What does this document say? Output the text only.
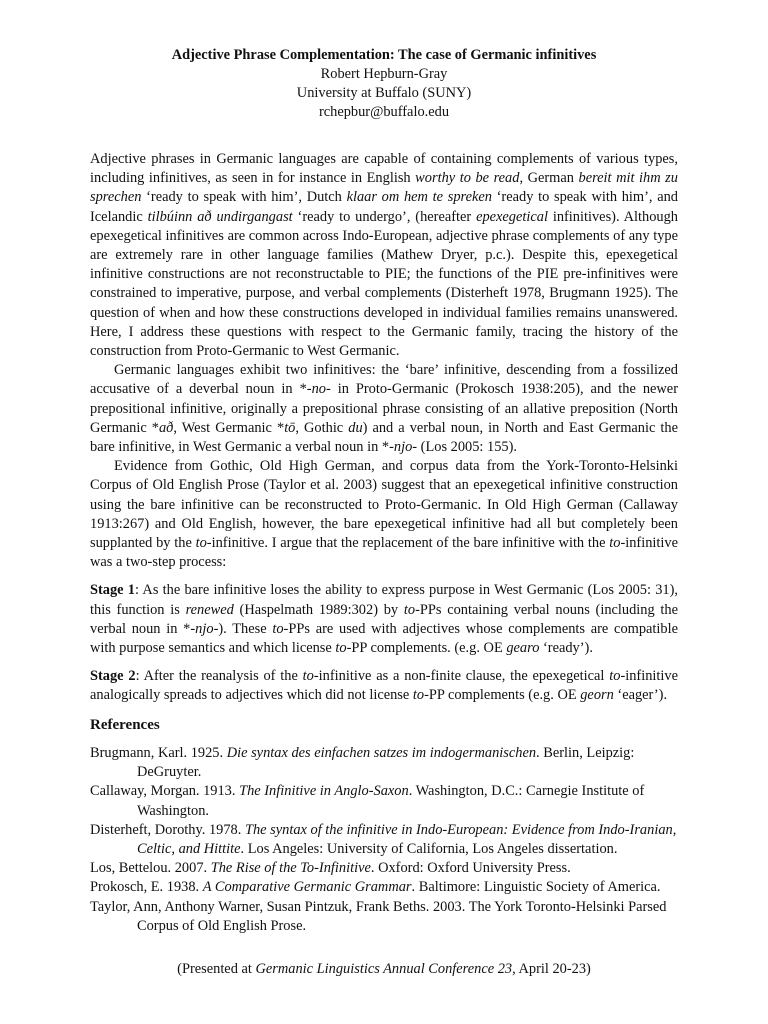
Adjective Phrase Complementation: The case of Germanic infinitives
Robert Hepburn-Gray
University at Buffalo (SUNY)
rchepbur@buffalo.edu

Adjective phrases in Germanic languages are capable of containing complements of various types, including infinitives, as seen in for instance in English worthy to be read, German bereit mit ihm zu sprechen ‘ready to speak with him’, Dutch klaar om hem te spreken ‘ready to speak with him’, and Icelandic tilbúinn að undirgangast ‘ready to undergo’, (hereafter epexegetical infinitives). Although epexegetical infinitives are common across Indo-European, adjective phrase complements of any type are extremely rare in other language families (Mathew Dryer, p.c.). Despite this, epexegetical infinitive constructions are not reconstructable to PIE; the functions of the PIE pre-infinitives were constrained to imperative, purpose, and verbal complements (Disterheft 1978, Brugmann 1925). The question of when and how these constructions developed in individual families remains unanswered. Here, I address these questions with respect to the Germanic family, tracing the history of the construction from Proto-Germanic to West Germanic.

Germanic languages exhibit two infinitives: the ‘bare’ infinitive, descending from a fossilized accusative of a deverbal noun in *-no- in Proto-Germanic (Prokosch 1938:205), and the newer prepositional infinitive, originally a prepositional phrase consisting of an allative preposition (North Germanic *að, West Germanic *tō, Gothic du) and a verbal noun, in North and East Germanic the bare infinitive, in West Germanic a verbal noun in *-njo- (Los 2005: 155).

Evidence from Gothic, Old High German, and corpus data from the York-Toronto-Helsinki Corpus of Old English Prose (Taylor et al. 2003) suggest that an epexegetical infinitive construction using the bare infinitive can be reconstructed to Proto-Germanic. In Old High German (Callaway 1913:267) and Old English, however, the bare epexegetical infinitive had all but completely been supplanted by the to-infinitive. I argue that the replacement of the bare infinitive with the to-infinitive was a two-step process:

Stage 1: As the bare infinitive loses the ability to express purpose in West Germanic (Los 2005: 31), this function is renewed (Haspelmath 1989:302) by to-PPs containing verbal nouns (including the verbal noun in *-njo-). These to-PPs are used with adjectives whose complements are compatible with purpose semantics and which license to-PP complements. (e.g. OE gearo ‘ready’).

Stage 2: After the reanalysis of the to-infinitive as a non-finite clause, the epexegetical to-infinitive analogically spreads to adjectives which did not license to-PP complements (e.g. OE georn ‘eager’).

References

Brugmann, Karl. 1925. Die syntax des einfachen satzes im indogermanischen. Berlin, Leipzig: DeGruyter.
Callaway, Morgan. 1913. The Infinitive in Anglo-Saxon. Washington, D.C.: Carnegie Institute of Washington.
Disterheft, Dorothy. 1978. The syntax of the infinitive in Indo-European: Evidence from Indo-Iranian, Celtic, and Hittite. Los Angeles: University of California, Los Angeles dissertation.
Los, Bettelou. 2007. The Rise of the To-Infinitive. Oxford: Oxford University Press.
Prokosch, E. 1938. A Comparative Germanic Grammar. Baltimore: Linguistic Society of America.
Taylor, Ann, Anthony Warner, Susan Pintzuk, Frank Beths. 2003. The York Toronto-Helsinki Parsed Corpus of Old English Prose.
(Presented at Germanic Linguistics Annual Conference 23, April 20-23)
